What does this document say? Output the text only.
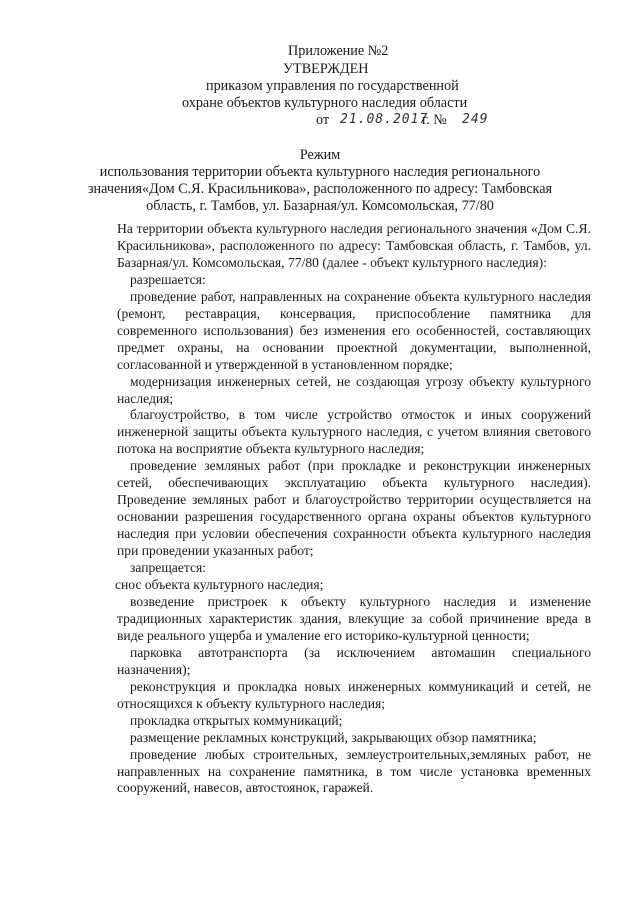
Приложение №2
УТВЕРЖДЕН
приказом управления по государственной
охране объектов культурного наследия области
от 21.08.2017
г. № 249
Режим
использования территории объекта культурного наследия регионального
значения«Дом С.Я. Красильникова», расположенного по адресу: Тамбовская
область, г. Тамбов, ул. Базарная/ул. Комсомольская, 77/80

На территории объекта культурного наследия регионального значения «Дом С.Я. Красильникова», расположенного по адресу: Тамбовская область, г. Тамбов, ул. Базарная/ул. Комсомольская, 77/80 (далее - объект культурного наследия):

разрешается:

проведение работ, направленных на сохранение объекта культурного наследия (ремонт, реставрация, консервация, приспособление памятника для современного использования) без изменения его особенностей, составляющих предмет охраны, на основании проектной документации, выполненной, согласованной и утвержденной в установленном порядке;

модернизация инженерных сетей, не создающая угрозу объекту культурного наследия;

благоустройство, в том числе устройство отмосток и иных сооружений инженерной защиты объекта культурного наследия, с учетом влияния светового потока на восприятие объекта культурного наследия;

проведение земляных работ (при прокладке и реконструкции инженерных сетей, обеспечивающих эксплуатацию объекта культурного наследия). Проведение земляных работ и благоустройство территории осуществляется на основании разрешения государственного органа охраны объектов культурного наследия при условии обеспечения сохранности объекта культурного наследия при проведении указанных работ;

запрещается:

снос объекта культурного наследия;

возведение пристроек к объекту культурного наследия и изменение традиционных характеристик здания, влекущие за собой причинение вреда в виде реального ущерба и умаление его историко-культурной ценности;

парковка автотранспорта (за исключением автомашин специального назначения);

реконструкция и прокладка новых инженерных коммуникаций и сетей, не относящихся к объекту культурного наследия;

прокладка открытых коммуникаций;

размещение рекламных конструкций, закрывающих обзор памятника;

проведение любых строительных, землеустроительных,земляных работ, не направленных на сохранение памятника, в том числе установка временных сооружений, навесов, автостоянок, гаражей.
